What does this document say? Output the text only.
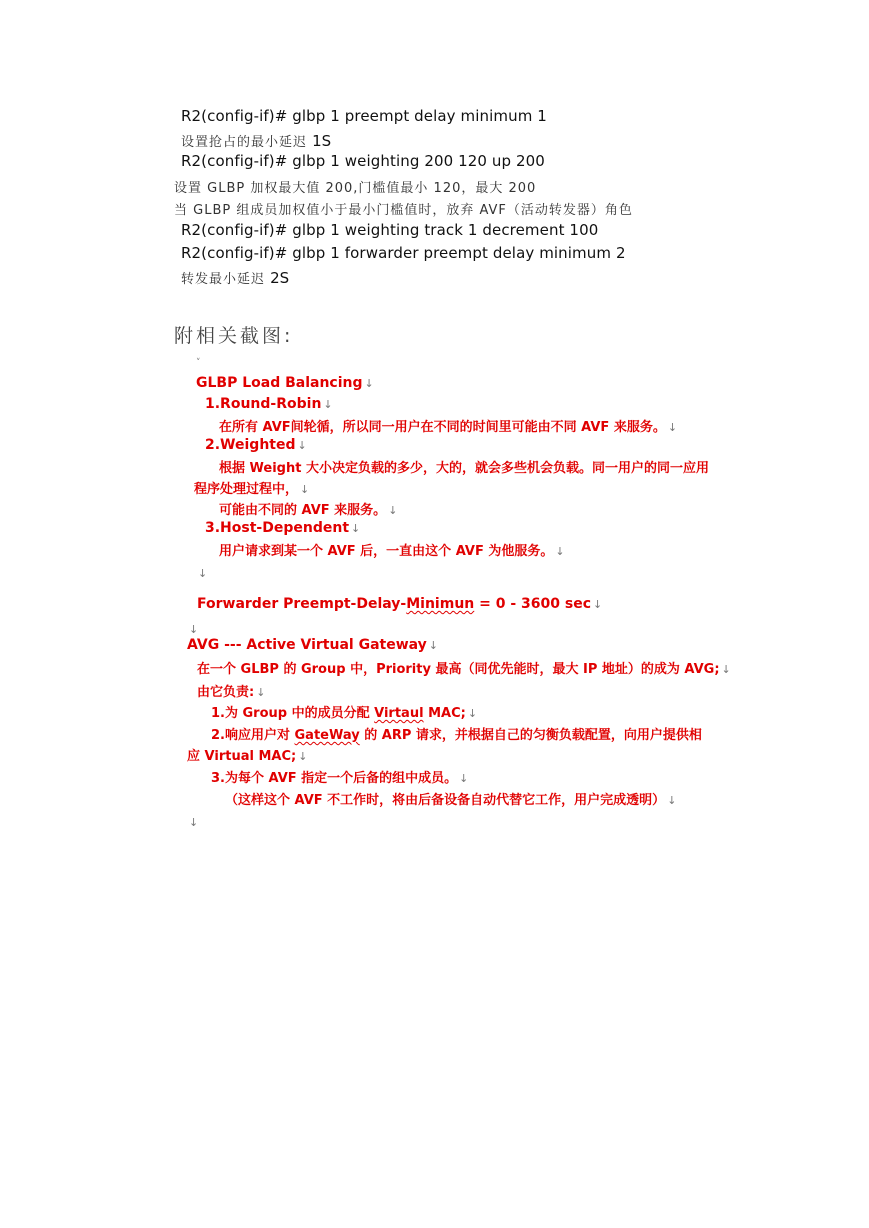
R2(config-if)# glbp 1 preempt delay minimum 1
设置抢占的最小延迟 1S
R2(config-if)# glbp 1 weighting 200 120 up 200
设置 GLBP 加权最大值 200,门槛值最小 120，最大 200
当 GLBP 组成员加权值小于最小门槛值时，放弃 AVF（活动转发器）角色
R2(config-if)# glbp 1 weighting track 1 decrement 100
R2(config-if)# glbp 1 forwarder preempt delay minimum 2
转发最小延迟 2S
附相关截图:
˅
GLBP Load Balancing ↓
1.Round-Robin ↓
在所有 AVF间轮循，所以同一用户在不同的时间里可能由不同 AVF 来服务。 ↓
2.Weighted ↓
根据 Weight 大小决定负载的多少，大的，就会多些机会负载。同一用户的同一应用
程序处理过程中， ↓
可能由不同的 AVF 来服务。 ↓
3.Host-Dependent ↓
用户请求到某一个 AVF 后，一直由这个 AVF 为他服务。 ↓
↓
Forwarder Preempt-Delay-Minimun = 0 - 3600 sec ↓
↓
AVG --- Active Virtual Gateway ↓
在一个 GLBP 的 Group 中，Priority 最高（同优先能时，最大 IP 地址）的成为 AVG; ↓
由它负责: ↓
1.为 Group 中的成员分配 Virtaul MAC; ↓
2.响应用户对 GateWay 的 ARP 请求，并根据自己的匀衡负载配置，向用户提供相
应 Virtual MAC; ↓
3.为每个 AVF 指定一个后备的组中成员。 ↓
（这样这个 AVF 不工作时，将由后备设备自动代替它工作，用户完成透明） ↓
↓
